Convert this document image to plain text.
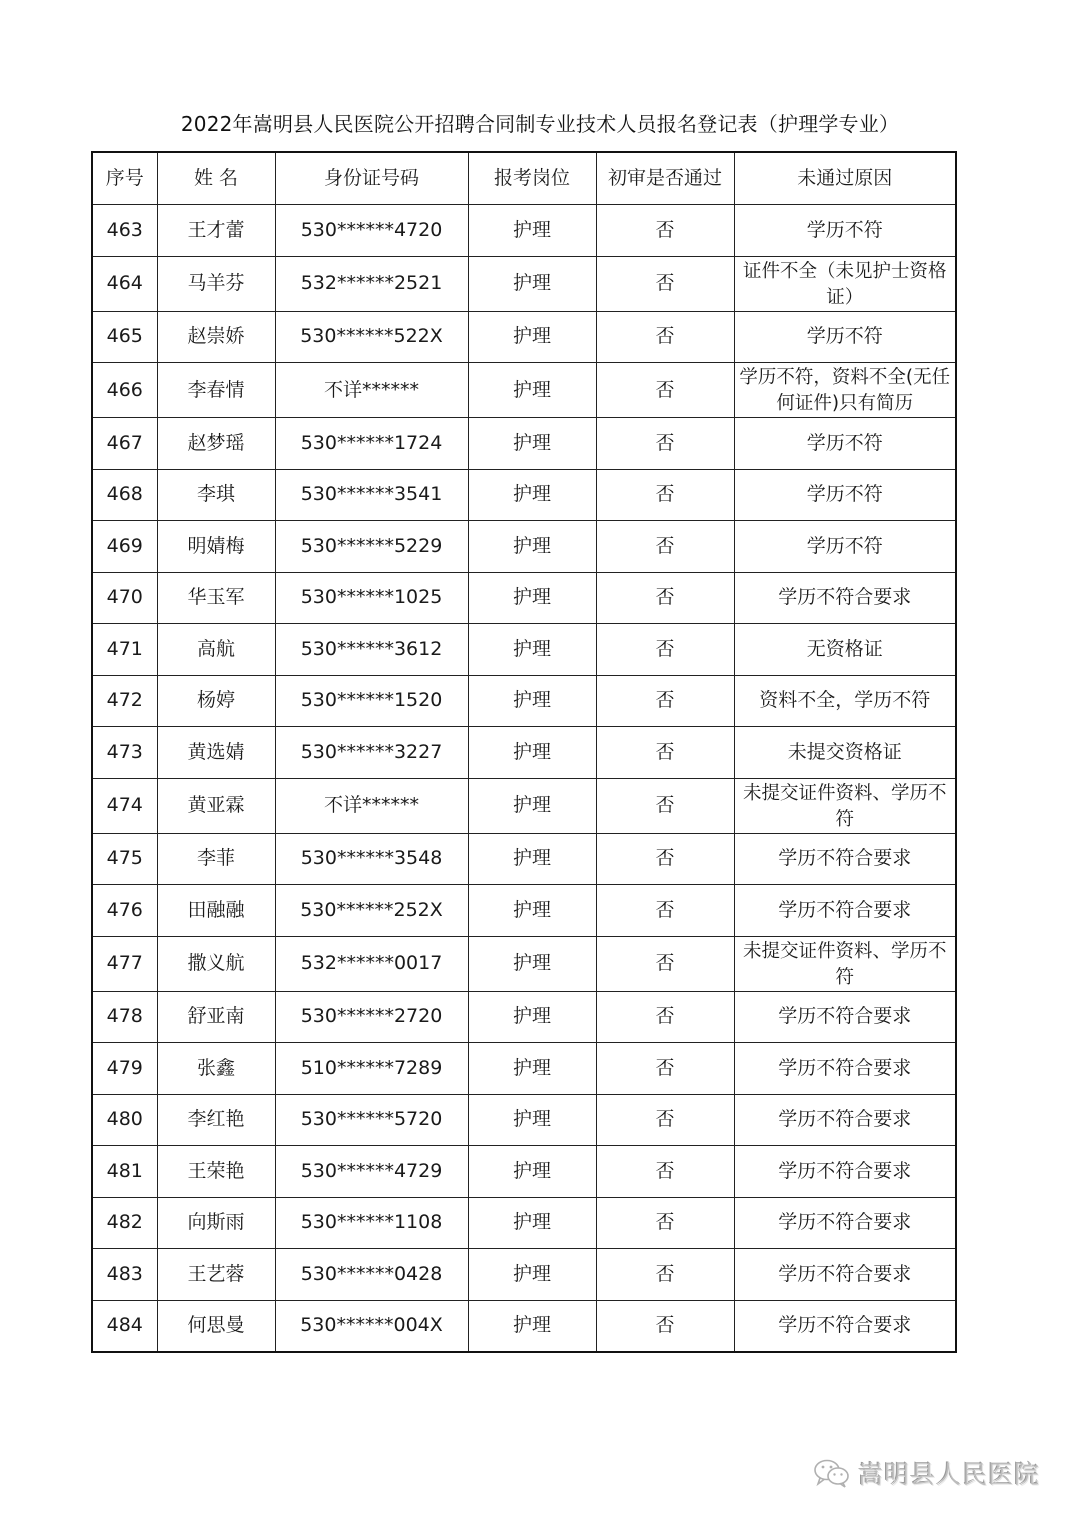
2022年嵩明县人民医院公开招聘合同制专业技术人员报名登记表（护理学专业）
序号	姓 名	身份证号码	报考岗位	初审是否通过	未通过原因
463	王才蕾	530******4720	护理	否	学历不符
464	马羊芬	532******2521	护理	否	证件不全（未见护士资格证）
465	赵崇娇	530******522X	护理	否	学历不符
466	李春情	不详******	护理	否	学历不符，资料不全(无任何证件)只有简历
467	赵梦瑶	530******1724	护理	否	学历不符
468	李琪	530******3541	护理	否	学历不符
469	明婧梅	530******5229	护理	否	学历不符
470	华玉军	530******1025	护理	否	学历不符合要求
471	高航	530******3612	护理	否	无资格证
472	杨婷	530******1520	护理	否	资料不全，学历不符
473	黄选婧	530******3227	护理	否	未提交资格证
474	黄亚霖	不详******	护理	否	未提交证件资料、学历不符
475	李菲	530******3548	护理	否	学历不符合要求
476	田融融	530******252X	护理	否	学历不符合要求
477	撒义航	532******0017	护理	否	未提交证件资料、学历不符
478	舒亚南	530******2720	护理	否	学历不符合要求
479	张鑫	510******7289	护理	否	学历不符合要求
480	李红艳	530******5720	护理	否	学历不符合要求
481	王荣艳	530******4729	护理	否	学历不符合要求
482	向斯雨	530******1108	护理	否	学历不符合要求
483	王艺蓉	530******0428	护理	否	学历不符合要求
484	何思曼	530******004X	护理	否	学历不符合要求
嵩明县人民医院
